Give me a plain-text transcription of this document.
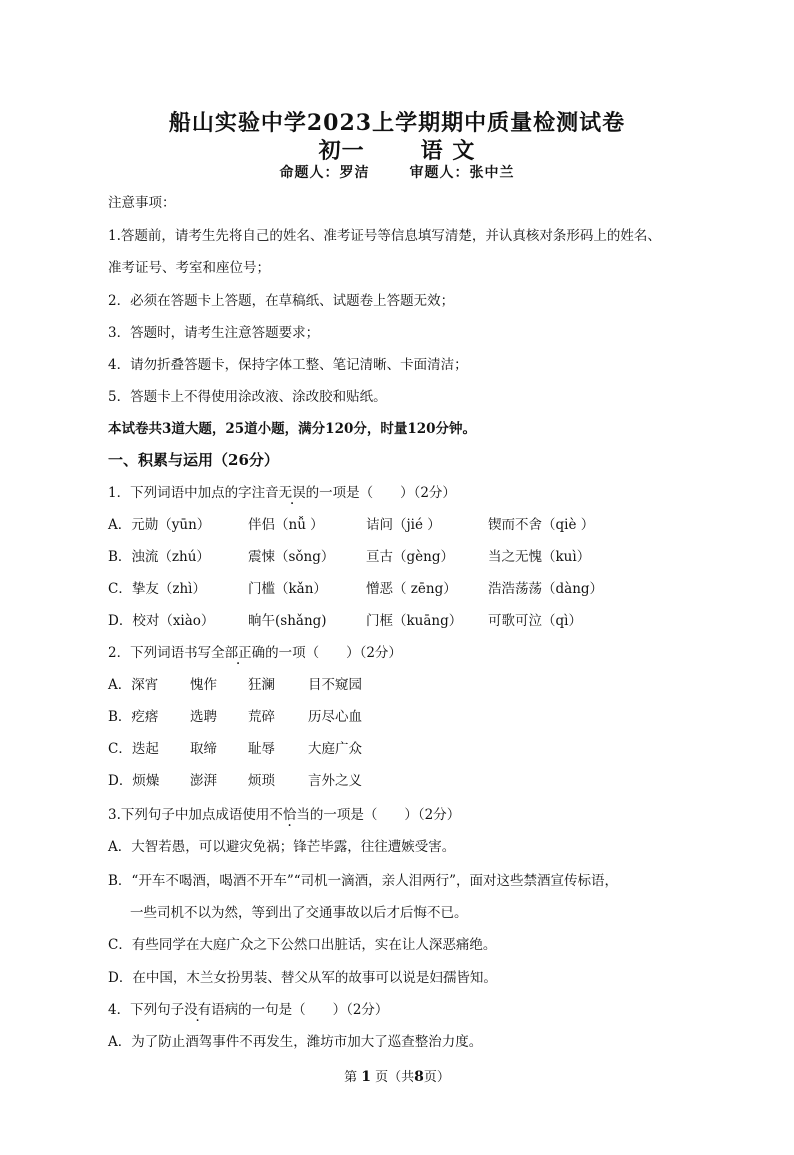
船山实验中学2023上学期期中质量检测试卷
初一	语 文
命题人：罗洁	审题人：张中兰
注意事项：
1.答题前，请考生先将自己的姓名、准考证号等信息填写清楚，并认真核对条形码上的姓名、
准考证号、考室和座位号；
2．必须在答题卡上答题，在草稿纸、试题卷上答题无效；
3．答题时，请考生注意答题要求；
4．请勿折叠答题卡，保持字体工整、笔记清晰、卡面清洁；
5．答题卡上不得使用涂改液、涂改胶和贴纸。
本试卷共3道大题，25道小题，满分120分，时量120分钟。
一、积累与运用（26分）
1．下列词语中加点的字注音无误的一项是（　　）（2分）
A．元勋（yūn）	伴侣（nǚ ）	诘问（jié ）	锲而不舍（qiè ）
B．浊流（zhú）	震悚（sǒng） 亘古（gèng）	当之无愧（kuì）
C．挚友（zhì）	门槛（kǎn）	憎恶（ zēng） 浩浩荡荡（dàng）
D．校对（xiào） 晌午(shǎng)	门框（kuāng） 可歌可泣（qì）
2．下列词语书写全部正确的一项（　　）（2分）
A．深宵 愧作 狂澜 目不窥园
B．疙瘩 选聘 荒碎 历尽心血
C．迭起 取缔 耻辱 大庭广众
D．烦燥 澎湃 烦琐 言外之义
3.下列句子中加点成语使用不恰当的一项是（　　）（2分）
A．大智若愚，可以避灾免祸；锋芒毕露，往往遭嫉受害。
B．“开车不喝酒，喝酒不开车”“司机一滴酒，亲人泪两行”，面对这些禁酒宣传标语，
一些司机不以为然，等到出了交通事故以后才后悔不已。
C．有些同学在大庭广众之下公然口出脏话，实在让人深恶痛绝。
D．在中国，木兰女扮男装、替父从军的故事可以说是妇孺皆知。
4．下列句子没有语病的一句是（　　）（2分）
A．为了防止酒驾事件不再发生，潍坊市加大了巡查整治力度。
第 1 页（共8页）
